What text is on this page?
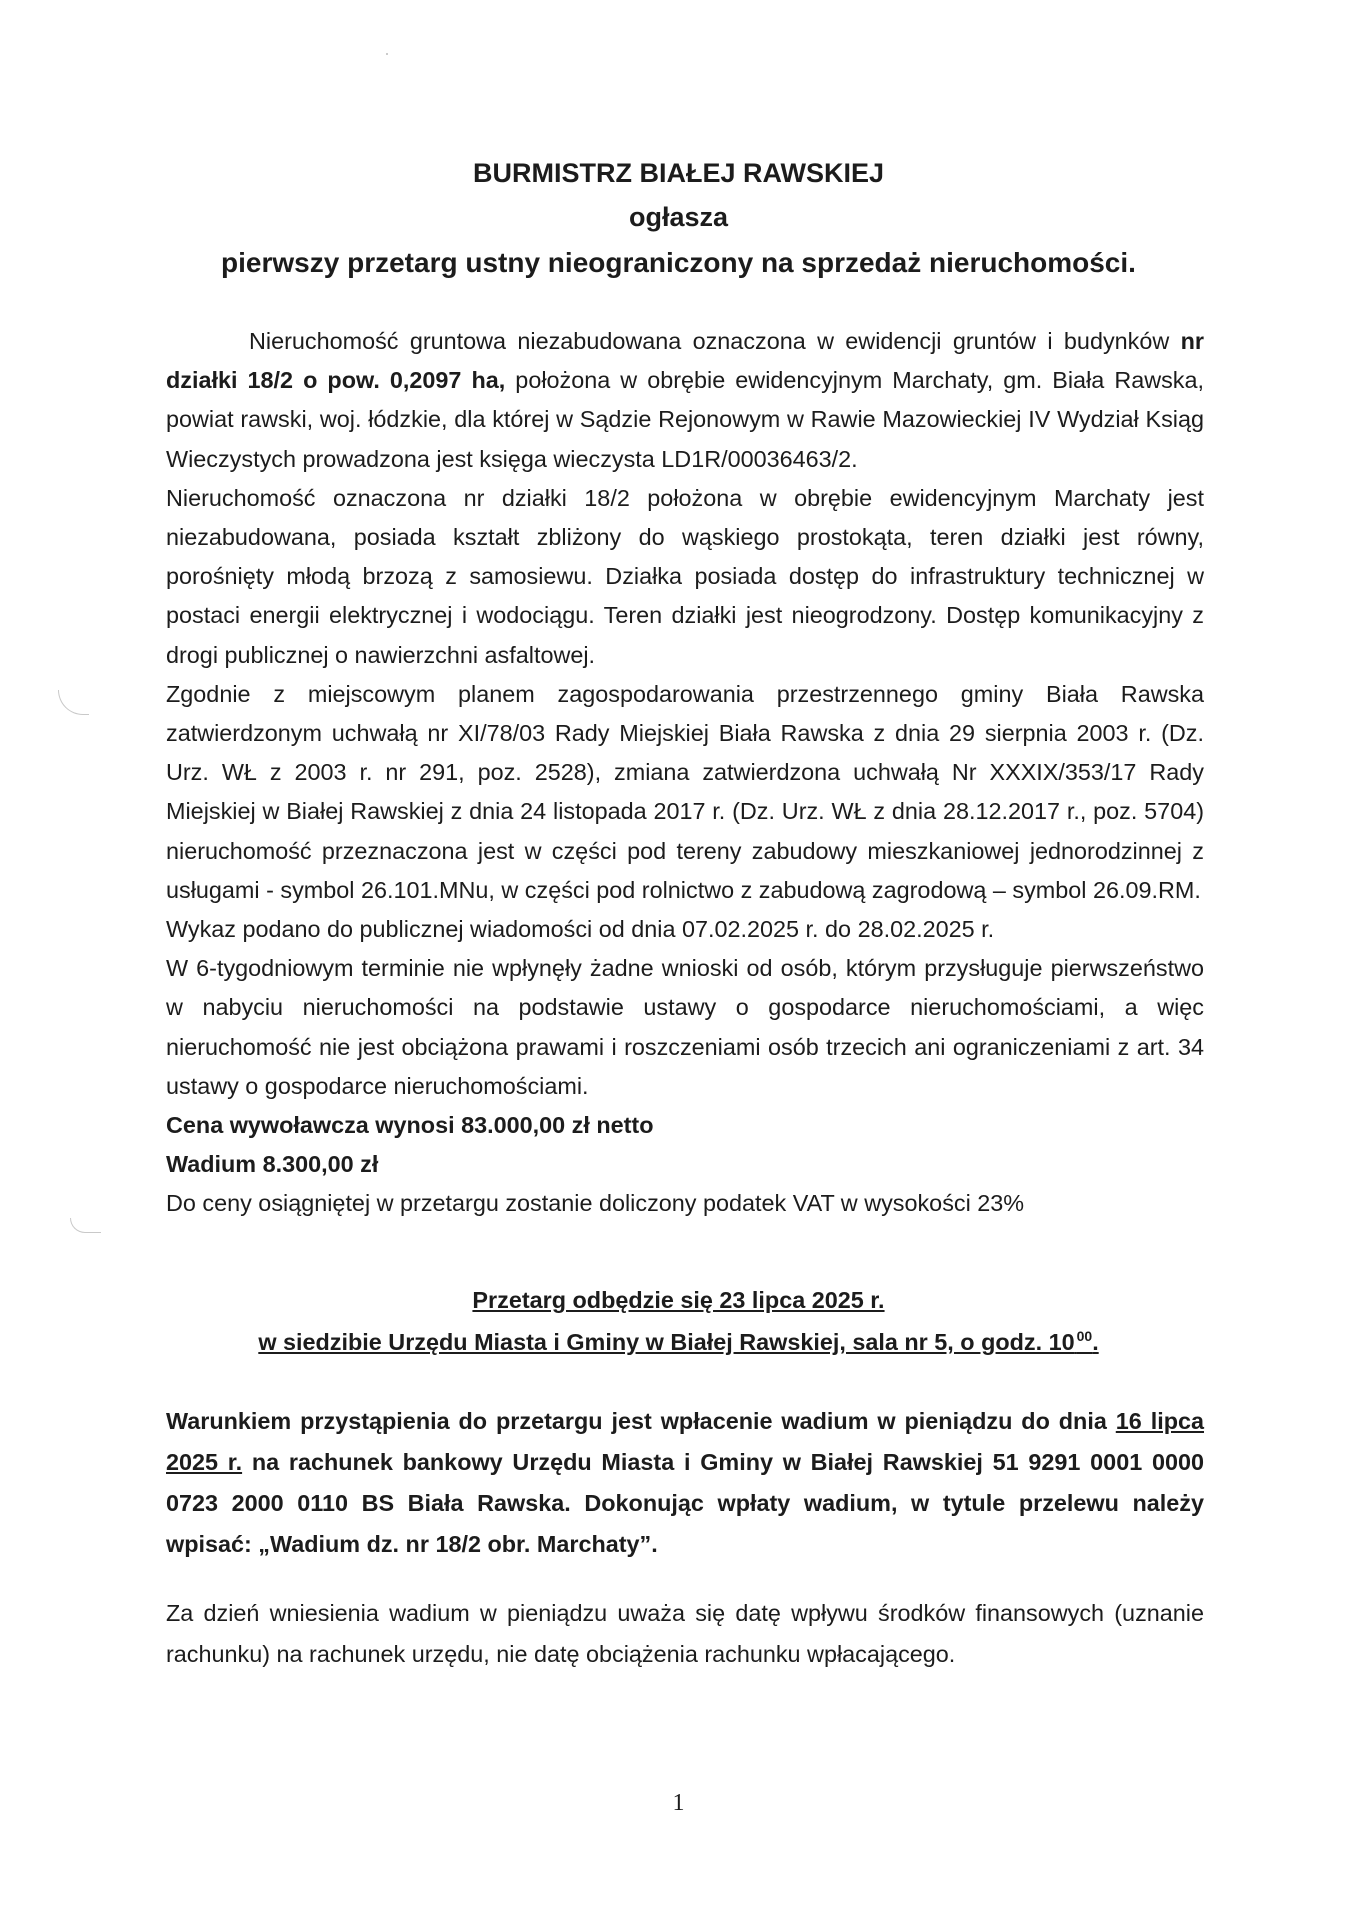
BURMISTRZ BIAŁEJ RAWSKIEJ
ogłasza
pierwszy przetarg ustny nieograniczony na sprzedaż nieruchomości.

Nieruchomość gruntowa niezabudowana oznaczona w ewidencji gruntów i budynków nr działki 18/2 o pow. 0,2097 ha, położona w obrębie ewidencyjnym Marchaty, gm. Biała Rawska, powiat rawski, woj. łódzkie, dla której w Sądzie Rejonowym w Rawie Mazowieckiej IV Wydział Ksiąg Wieczystych prowadzona jest księga wieczysta LD1R/00036463/2.

Nieruchomość oznaczona nr działki 18/2 położona w obrębie ewidencyjnym Marchaty jest niezabudowana, posiada kształt zbliżony do wąskiego prostokąta, teren działki jest równy, porośnięty młodą brzozą z samosiewu. Działka posiada dostęp do infrastruktury technicznej w postaci energii elektrycznej i wodociągu. Teren działki jest nieogrodzony. Dostęp komunikacyjny z drogi publicznej o nawierzchni asfaltowej.

Zgodnie z miejscowym planem zagospodarowania przestrzennego gminy Biała Rawska zatwierdzonym uchwałą nr XI/78/03 Rady Miejskiej Biała Rawska z dnia 29 sierpnia 2003 r. (Dz. Urz. WŁ z 2003 r. nr 291, poz. 2528), zmiana zatwierdzona uchwałą Nr XXXIX/353/17 Rady Miejskiej w Białej Rawskiej z dnia 24 listopada 2017 r. (Dz. Urz. WŁ z dnia 28.12.2017 r., poz. 5704) nieruchomość przeznaczona jest w części pod tereny zabudowy mieszkaniowej jednorodzinnej z usługami - symbol 26.101.MNu, w części pod rolnictwo z zabudową zagrodową – symbol 26.09.RM.

Wykaz podano do publicznej wiadomości od dnia 07.02.2025 r. do 28.02.2025 r.

W 6-tygodniowym terminie nie wpłynęły żadne wnioski od osób, którym przysługuje pierwszeństwo w nabyciu nieruchomości na podstawie ustawy o gospodarce nieruchomościami, a więc nieruchomość nie jest obciążona prawami i roszczeniami osób trzecich ani ograniczeniami z art. 34 ustawy o gospodarce nieruchomościami.

Cena wywoławcza wynosi 83.000,00 zł netto

Wadium 8.300,00 zł

Do ceny osiągniętej w przetargu zostanie doliczony podatek VAT w wysokości 23%

Przetarg odbędzie się 23 lipca 2025 r.
w siedzibie Urzędu Miasta i Gminy w Białej Rawskiej, sala nr 5, o godz. 10  $^{00}$.

Warunkiem przystąpienia do przetargu jest wpłacenie wadium w pieniądzu do dnia 16 lipca 2025 r. na rachunek bankowy Urzędu Miasta i Gminy w Białej Rawskiej 51 9291 0001 0000 0723 2000 0110 BS Biała Rawska. Dokonując wpłaty wadium, w tytule przelewu należy wpisać: „Wadium dz. nr 18/2 obr. Marchaty”.

Za dzień wniesienia wadium w pieniądzu uważa się datę wpływu środków finansowych (uznanie rachunku) na rachunek urzędu, nie datę obciążenia rachunku wpłacającego.

1
